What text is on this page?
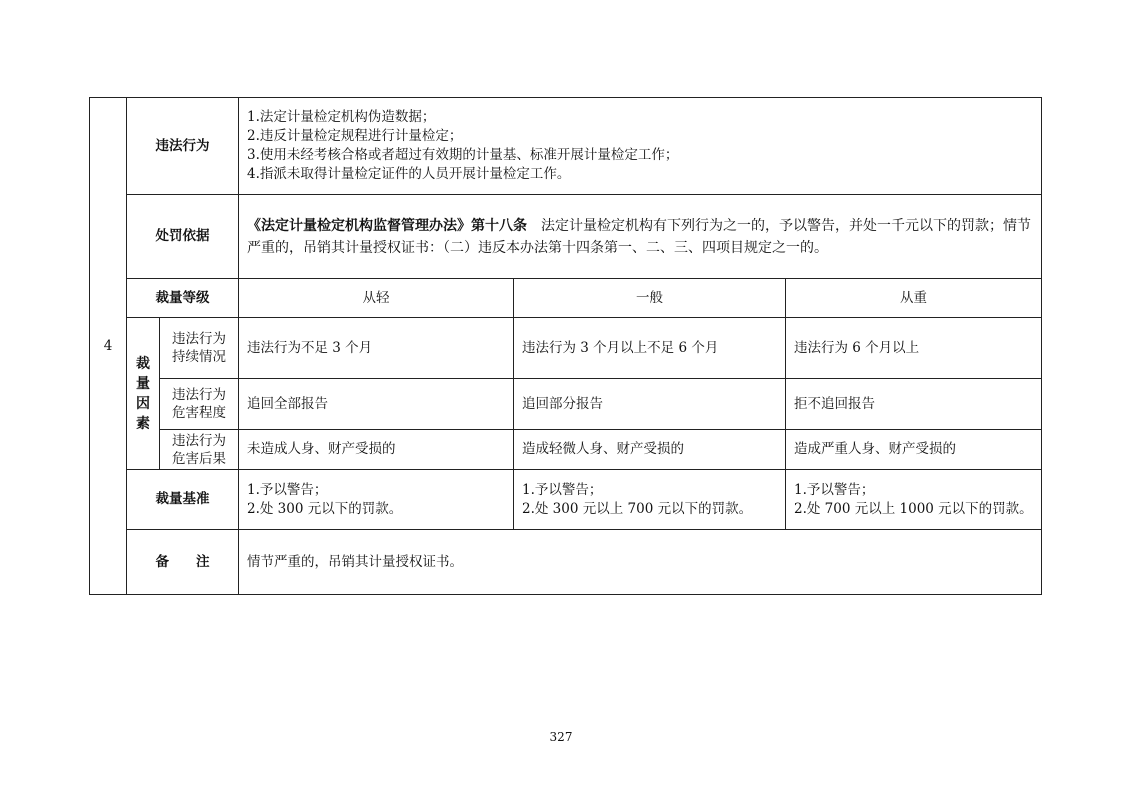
4	违法行为		1.法定计量检定机构伪造数据；
2.违反计量检定规程进行计量检定；
3.使用未经考核合格或者超过有效期的计量基、标准开展计量检定工作；
4.指派未取得计量检定证件的人员开展计量检定工作。		

	处罚依据		《法定计量检定机构监督管理办法》第十八条　法定计量检定机构有下列行为之一的，予以警告，并处一千元以下的罚款；情节严重的，吊销其计量授权证书：（二）违反本办法第十四条第一、二、三、四项目规定之一的。		
	裁量等级		从轻	一般	从重

	裁
量
因
素	违法行为
持续情况	违法行为不足 3 个月	违法行为 3 个月以上不足 6 个月	违法行为 6 个月以上

		违法行为
危害程度	追回全部报告	追回部分报告	拒不追回报告

		违法行为
危害后果	未造成人身、财产受损的	造成轻微人身、财产受损的	造成严重人身、财产受损的
	裁量基准		1.予以警告；
2.处 300 元以下的罚款。	1.予以警告；
2.处 300 元以上 700 元以下的罚款。	1.予以警告；
2.处 700 元以上 1000 元以下的罚款。

	备　　注		情节严重的，吊销其计量授权证书。		
327
